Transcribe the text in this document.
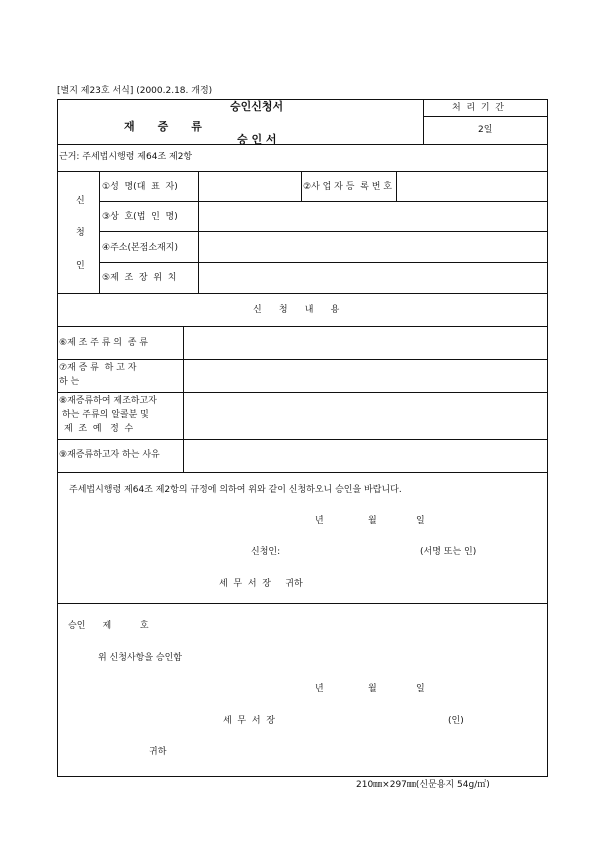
[별지 제23호 서식] (2000.2.18. 개정)
승인신청서
재      증      류
승 인 서
처  리  기  간
2일
근거: 주세법시행령 제64조 제2항
신
청
인
①성  명(대  표  자)	②사 업 자 등  록 번 호
③상  호(법  인  명)
④주소(본점소재지)
⑤제  조  장  위  치
신      청      내      용
⑥제 조 주 류 의  종 류
⑦재 증 류  하 고 자
하 는
⑧재증류하여 제조하고자
하는 주류의 알콜분 및
제  조  예   정  수
⑨재증류하고자 하는 사유
주세법시행령 제64조 제2항의 규정에 의하여 위와 같이 신청하오니 승인을 바랍니다.
년	월	일
신청인:	(서명 또는 인)
세  무  서  장     귀하
승인      제          호
위 신청사항을 승인함
년	월	일
세  무  서  장	(인)
귀하
210㎜×297㎜(신문용지 54g/㎡)
